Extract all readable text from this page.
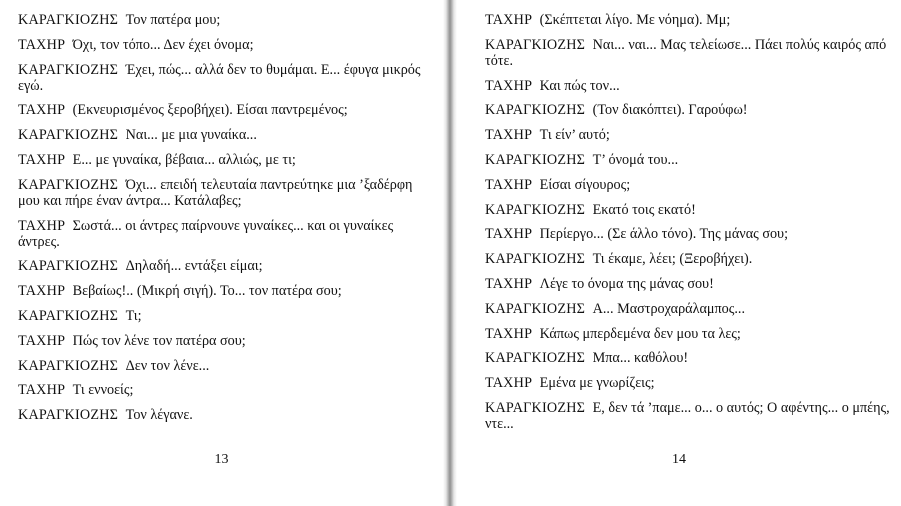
ΚΑΡΑΓΚΙΟΖΗΣ Τον πατέρα μου;

ΤΑΧΗΡ Όχι, τον τόπο... Δεν έχει όνομα;

ΚΑΡΑΓΚΙΟΖΗΣ Έχει, πώς... αλλά δεν το θυμάμαι. Ε... έφυγα μικρός εγώ.

ΤΑΧΗΡ (Εκνευρισμένος ξεροβήχει). Είσαι παντρεμένος;

ΚΑΡΑΓΚΙΟΖΗΣ Ναι... με μια γυναίκα...

ΤΑΧΗΡ Ε... με γυναίκα, βέβαια... αλλιώς, με τι;

ΚΑΡΑΓΚΙΟΖΗΣ Όχι... επειδή τελευταία παντρεύτηκε μια ’ξαδέρφη μου και πήρε έναν άντρα... Κατάλαβες;

ΤΑΧΗΡ Σωστά... οι άντρες παίρνουνε γυναίκες... και οι γυναίκες άντρες.

ΚΑΡΑΓΚΙΟΖΗΣ Δηλαδή... εντάξει είμαι;

ΤΑΧΗΡ Βεβαίως!.. (Μικρή σιγή). Το... τον πατέρα σου;

ΚΑΡΑΓΚΙΟΖΗΣ Τι;

ΤΑΧΗΡ Πώς τον λένε τον πατέρα σου;

ΚΑΡΑΓΚΙΟΖΗΣ Δεν τον λένε...

ΤΑΧΗΡ Τι εννοείς;

ΚΑΡΑΓΚΙΟΖΗΣ Τον λέγανε.

13

ΤΑΧΗΡ (Σκέπτεται λίγο. Με νόημα). Μμ;

ΚΑΡΑΓΚΙΟΖΗΣ Ναι... ναι... Μας τελείωσε... Πάει πολύς καιρός από τότε.

ΤΑΧΗΡ Και πώς τον...

ΚΑΡΑΓΚΙΟΖΗΣ (Τον διακόπτει). Γαρούφω!

ΤΑΧΗΡ Τι είν’ αυτό;

ΚΑΡΑΓΚΙΟΖΗΣ Τ’ όνομά του...

ΤΑΧΗΡ Είσαι σίγουρος;

ΚΑΡΑΓΚΙΟΖΗΣ Εκατό τοις εκατό!

ΤΑΧΗΡ Περίεργο... (Σε άλλο τόνο). Της μάνας σου;

ΚΑΡΑΓΚΙΟΖΗΣ Τι έκαμε, λέει; (Ξεροβήχει).

ΤΑΧΗΡ Λέγε το όνομα της μάνας σου!

ΚΑΡΑΓΚΙΟΖΗΣ Α... Μαστροχαράλαμπος...

ΤΑΧΗΡ Κάπως μπερδεμένα δεν μου τα λες;

ΚΑΡΑΓΚΙΟΖΗΣ Μπα... καθόλου!

ΤΑΧΗΡ Εμένα με γνωρίζεις;

ΚΑΡΑΓΚΙΟΖΗΣ Ε, δεν τά ’παμε... ο... ο αυτός; Ο αφέντης... ο μπέης, ντε...

14
